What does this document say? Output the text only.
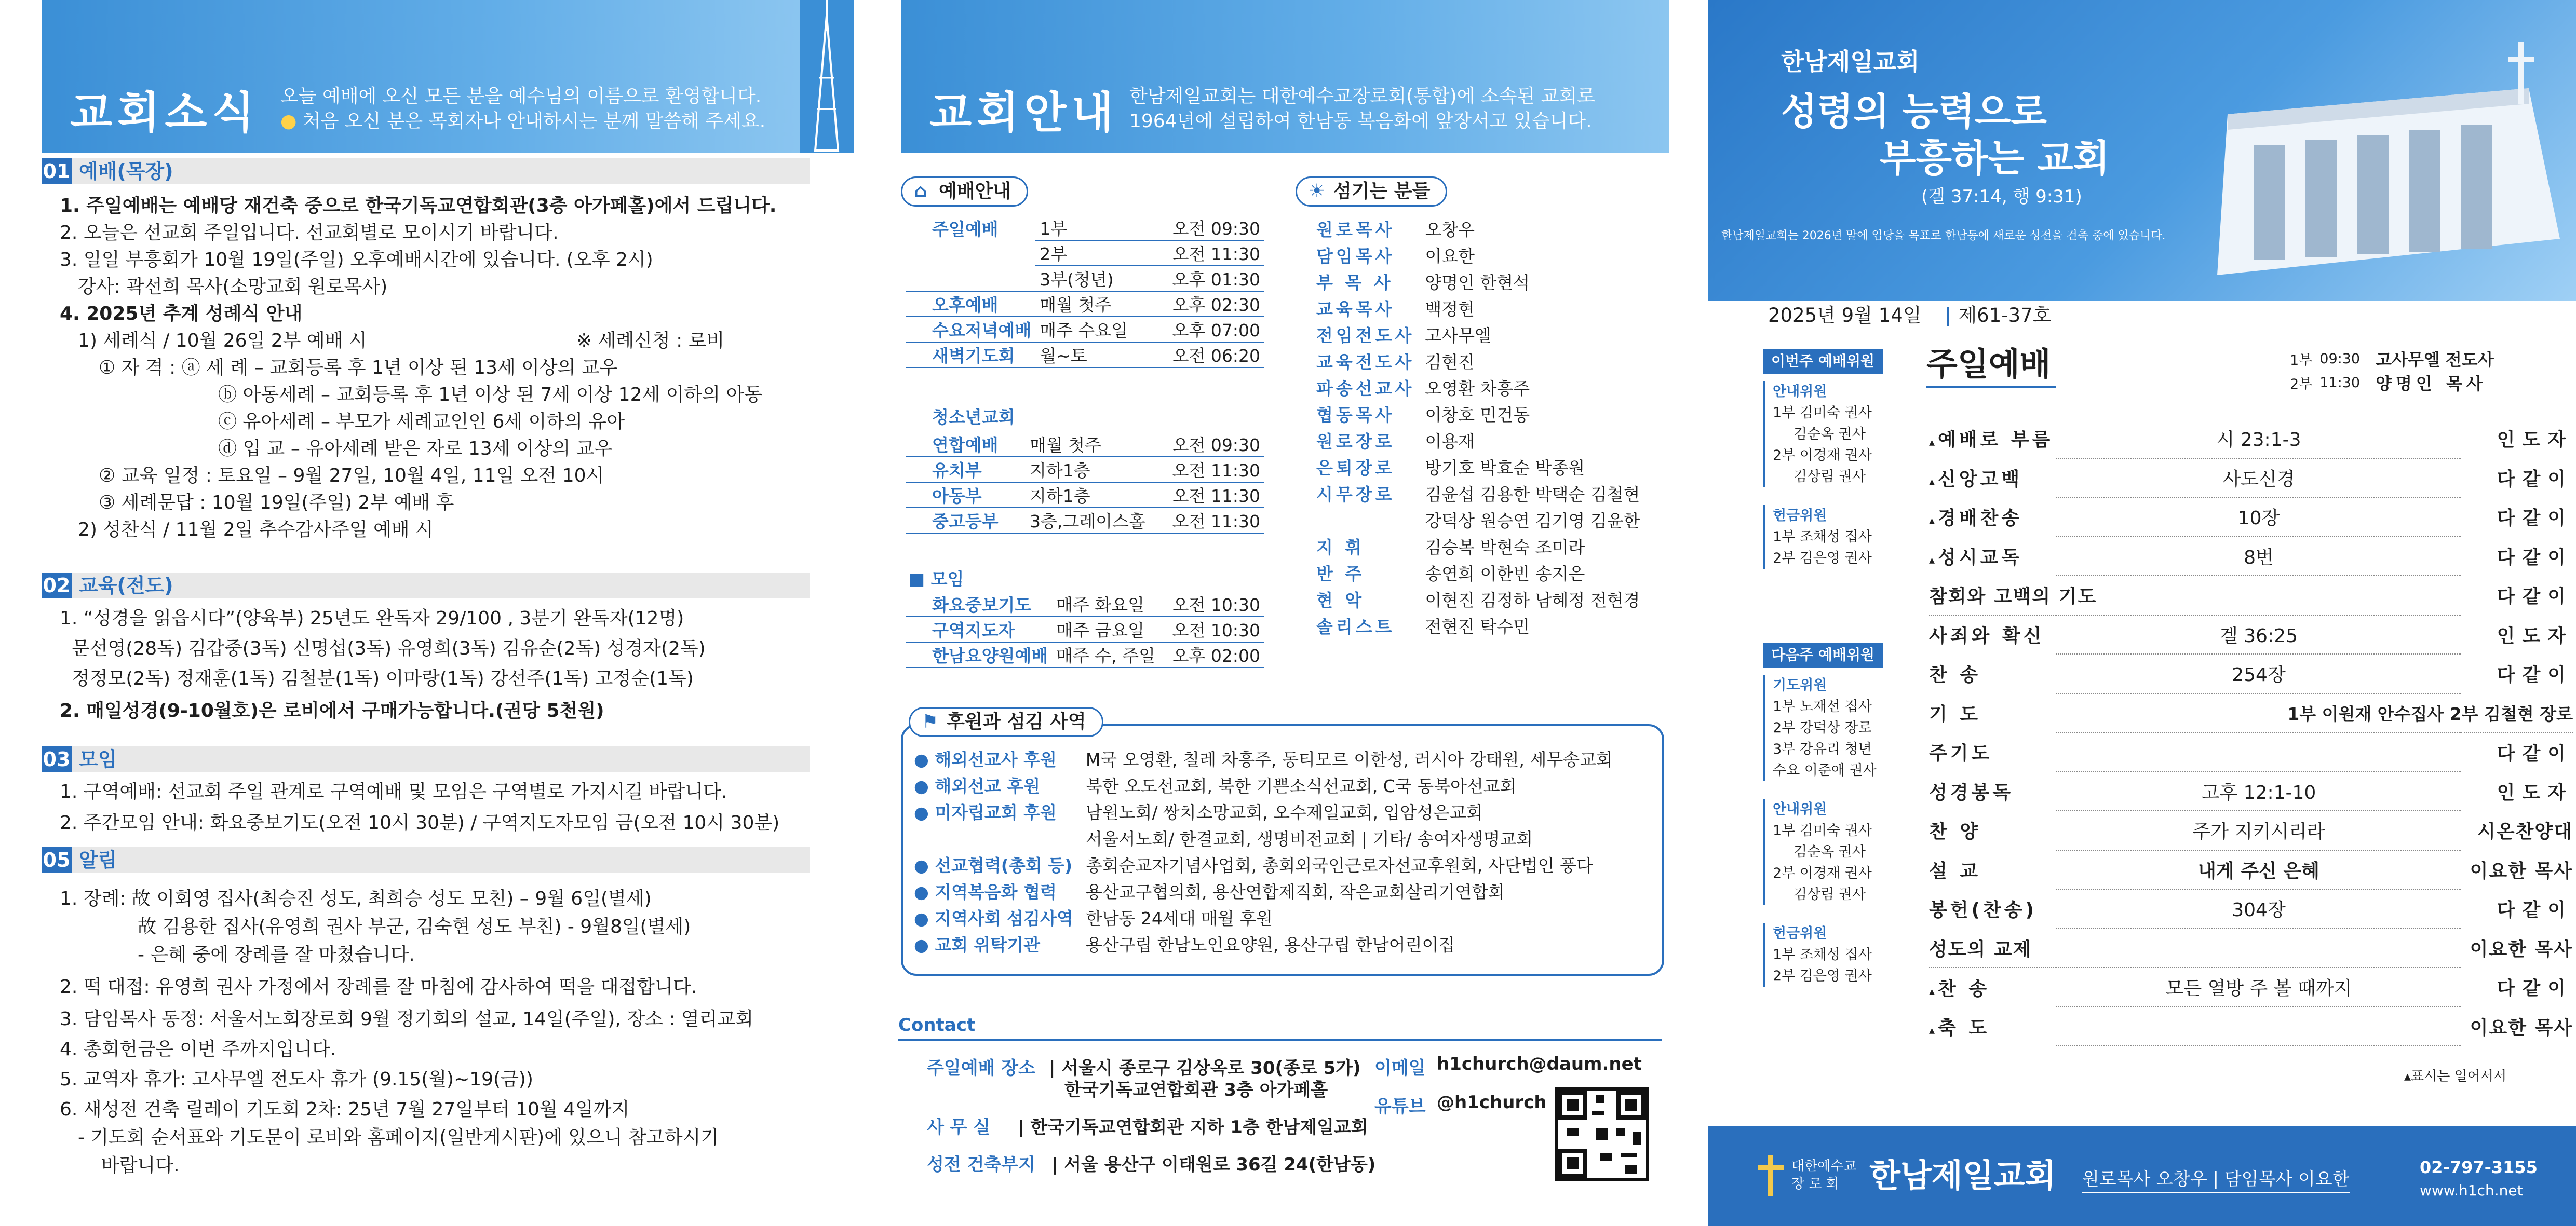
교회소식 오늘 예배에 오신 모든 분을 예수님의 이름으로 환영합니다.
● 처음 오신 분은 목회자나 안내하시는 분께 말씀해 주세요.
01 예배(목장)
1. 주일예배는 예배당 재건축 중으로 한국기독교연합회관(3층 아가페홀)에서 드립니다.
2. 오늘은 선교회 주일입니다. 선교회별로 모이시기 바랍니다.
3. 일일 부흥회가 10월 19일(주일) 오후예배시간에 있습니다. (오후 2시)
강사: 곽선희 목사(소망교회 원로목사)
4. 2025년 추계 성례식 안내
1) 세례식 / 10월 26일 2부 예배 시	※ 세례신청 : 로비
① 자 격 : ⓐ 세 례 – 교회등록 후 1년 이상 된 13세 이상의 교우
ⓑ 아동세례 – 교회등록 후 1년 이상 된 7세 이상 12세 이하의 아동
ⓒ 유아세례 – 부모가 세례교인인 6세 이하의 유아
ⓓ 입 교 – 유아세례 받은 자로 13세 이상의 교우
② 교육 일정 : 토요일 – 9월 27일, 10월 4일, 11일 오전 10시
③ 세례문답 : 10월 19일(주일) 2부 예배 후
2) 성찬식 / 11월 2일 추수감사주일 예배 시
02 교육(전도)
1. “성경을 읽읍시다”(양육부) 25년도 완독자 29/100 , 3분기 완독자(12명)
문선영(28독) 김갑중(3독) 신명섭(3독) 유영희(3독) 김유순(2독) 성경자(2독)
정정모(2독) 정재훈(1독) 김철분(1독) 이마랑(1독) 강선주(1독) 고정순(1독)
2. 매일성경(9-10월호)은 로비에서 구매가능합니다.(권당 5천원)
03 모임
1. 구역예배: 선교회 주일 관계로 구역예배 및 모임은 구역별로 가지시길 바랍니다.
2. 주간모임 안내: 화요중보기도(오전 10시 30분) / 구역지도자모임 금(오전 10시 30분)
05 알림
1. 장례: 故 이회영 집사(최승진 성도, 최희승 성도 모친) – 9월 6일(별세)
故 김용한 집사(유영희 권사 부군, 김숙현 성도 부친) - 9월8일(별세)
- 은혜 중에 장례를 잘 마쳤습니다.
2. 떡 대접: 유영희 권사 가정에서 장례를 잘 마침에 감사하여 떡을 대접합니다.
3. 담임목사 동정: 서울서노회장로회 9월 정기회의 설교, 14일(주일), 장소 : 열리교회
4. 총회헌금은 이번 주까지입니다.
5. 교역자 휴가: 고사무엘 전도사 휴가 (9.15(월)~19(금))
6. 새성전 건축 릴레이 기도회 2차: 25년 7월 27일부터 10월 4일까지
- 기도회 순서표와 기도문이 로비와 홈페이지(일반게시판)에 있으니 참고하시기
바랍니다.
교회안내 한남제일교회는 대한예수교장로회(통합)에 소속된 교회로
1964년에 설립하여 한남동 복음화에 앞장서고 있습니다.
⌂ 예배안내
주일예배	1부	오전 09:30
	2부	오전 11:30
	3부(청년)	오후 01:30
오후예배	매월 첫주	오후 02:30
수요저녁예배	매주 수요일	오후 07:00
새벽기도회	월~토	오전 06:20
청소년교회
연합예배	매월 첫주	오전 09:30
유치부	지하1층	오전 11:30
아동부	지하1층	오전 11:30
중고등부	3층,그레이스홀	오전 11:30
■ 모임
화요중보기도	매주 화요일	오전 10:30
구역지도자	매주 금요일	오전 10:30
한남요양원예배	매주 수, 주일	오후 02:00
☀ 섬기는 분들
원로목사	오창우
담임목사	이요한
부 목 사	양명인 한현석
교육목사	백정현
전임전도사	고사무엘
교육전도사	김현진
파송선교사	오영환 차흥주
협동목사	이창호 민건동
원로장로	이용재
은퇴장로	방기호 박효순 박종원
시무장로	김윤섭 김용한 박택순 김철현
	강덕상 원승연 김기영 김윤한
지 휘	김승복 박현숙 조미라
반 주	송연희 이한빈 송지은
현 악	이현진 김정하 남혜정 전현경
솔리스트	전현진 탁수민
⚑ 후원과 섬김 사역
● 해외선교사 후원	M국 오영환, 칠레 차흥주, 동티모르 이한성, 러시아 강태원, 세무송교회
● 해외선교 후원	북한 오도선교회, 북한 기쁜소식선교회, C국 동북아선교회
● 미자립교회 후원	남원노회/ 쌍치소망교회, 오수제일교회, 입암성은교회
	서울서노회/ 한결교회, 생명비전교회 | 기타/ 송여자생명교회
● 선교협력(총회 등)	총회순교자기념사업회, 총회외국인근로자선교후원회, 사단법인 풍다
● 지역복음화 협력	용산교구협의회, 용산연합제직회, 작은교회살리기연합회
● 지역사회 섬김사역	한남동 24세대 매월 후원
● 교회 위탁기관	용산구립 한남노인요양원, 용산구립 한남어린이집
Contact
주일예배 장소 | 서울시 종로구 김상옥로 30(종로 5가)
한국기독교연합회관 3층 아가페홀
사 무 실 | 한국기독교연합회관 지하 1층 한남제일교회
성전 건축부지 | 서울 용산구 이태원로 36길 24(한남동)
이메일 h1church@daum.net
유튜브 @h1church
한남제일교회
성령의 능력으로
부흥하는 교회
(겔 37:14, 행 9:31)
한남제일교회는 2026년 말에 입당을 목표로 한남동에 새로운 성전을 건축 중에 있습니다.
2025년 9월 14일 | 제61-37호
주일예배	1부	09:30	고사무엘 전도사
2부	11:30	양명인 목사
▴예배로 부름	시 23:1-3	인도자
▴신앙고백	사도신경	다같이
▴경배찬송	10장	다같이
▴성시교독	8번	다같이
참회와 고백의 기도		다같이
사죄와 확신	겔 36:25	인도자
찬 송	254장	다같이
기 도	1부 이원재 안수집사 2부 김철현 장로	
주기도		다같이
성경봉독	고후 12:1-10	인도자
찬 양	주가 지키시리라	시온찬양대
설 교	내게 주신 은혜	이요한 목사
봉헌(찬송)	304장	다같이
성도의 교제		이요한 목사
▴찬 송	모든 열방 주 볼 때까지	다같이
▴축 도		이요한 목사
▴표시는 일어서서
이번주 예배위원
안내위원
1부 김미숙 권사
김순옥 권사
2부 이경재 권사
김상림 권사
헌금위원
1부 조채성 집사
2부 김은영 권사
다음주 예배위원
기도위원
1부 노재선 집사
2부 강덕상 장로
3부 강유리 청년
수요 이준애 권사
안내위원
1부 김미숙 권사
김순옥 권사
2부 이경재 권사
김상림 권사
헌금위원
1부 조채성 집사
2부 김은영 권사
대한예수교
장 로 회 한남제일교회 원로목사 오창우 | 담임목사 이요한
02-797-3155
www.h1ch.net
